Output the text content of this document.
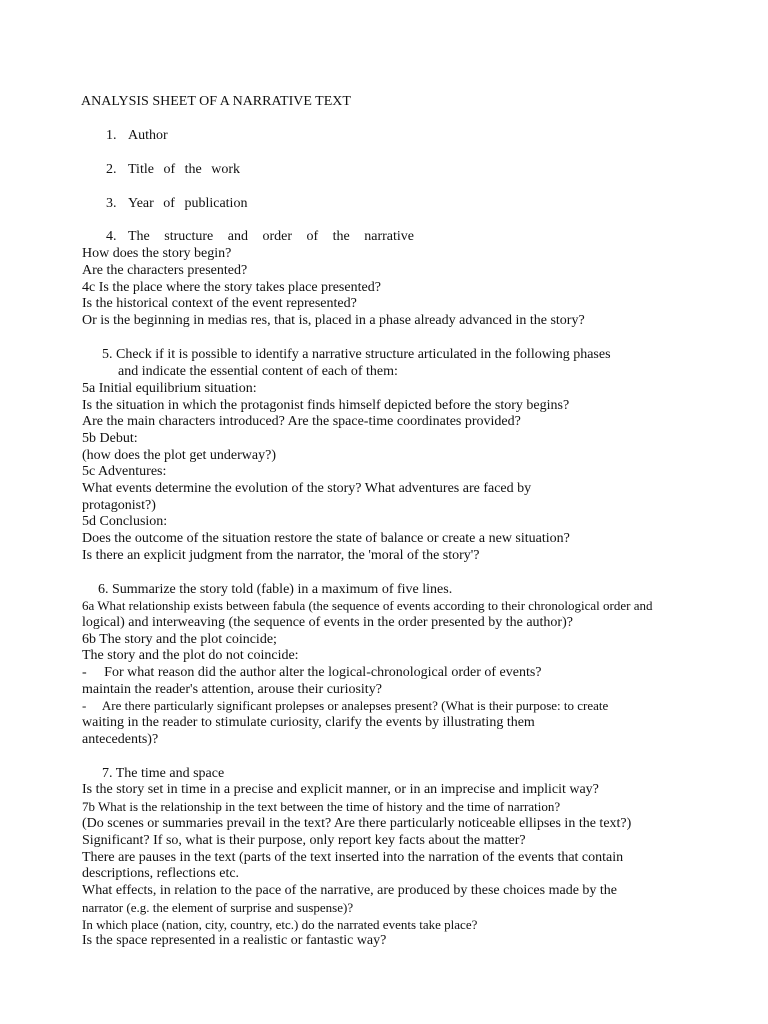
ANALYSIS SHEET OF A NARRATIVE TEXT

1. Author

2. Title of the work

3. Year of publication

4. The structure and order of the narrative

How does the story begin?

Are the characters presented?

4c Is the place where the story takes place presented?

Is the historical context of the event represented?

Or is the beginning in medias res, that is, placed in a phase already advanced in the story?

5. Check if it is possible to identify a narrative structure articulated in the following phases

and indicate the essential content of each of them:

5a Initial equilibrium situation:

Is the situation in which the protagonist finds himself depicted before the story begins?

Are the main characters introduced? Are the space-time coordinates provided?

5b Debut:

(how does the plot get underway?)

5c Adventures:

What events determine the evolution of the story? What adventures are faced by

protagonist?)

5d Conclusion:

Does the outcome of the situation restore the state of balance or create a new situation?

Is there an explicit judgment from the narrator, the 'moral of the story'?

6. Summarize the story told (fable) in a maximum of five lines.

6a What relationship exists between fabula (the sequence of events according to their chronological order and

logical) and interweaving (the sequence of events in the order presented by the author)?

6b The story and the plot coincide;

The story and the plot do not coincide:

-     For what reason did the author alter the logical-chronological order of events?

maintain the reader's attention, arouse their curiosity?

-     Are there particularly significant prolepses or analepses present? (What is their purpose: to create

waiting in the reader to stimulate curiosity, clarify the events by illustrating them

antecedents)?

7. The time and space

Is the story set in time in a precise and explicit manner, or in an imprecise and implicit way?

7b What is the relationship in the text between the time of history and the time of narration?

(Do scenes or summaries prevail in the text? Are there particularly noticeable ellipses in the text?)

Significant? If so, what is their purpose, only report key facts about the matter?

There are pauses in the text (parts of the text inserted into the narration of the events that contain

descriptions, reflections etc.

What effects, in relation to the pace of the narrative, are produced by these choices made by the

narrator (e.g. the element of surprise and suspense)?

In which place (nation, city, country, etc.) do the narrated events take place?

Is the space represented in a realistic or fantastic way?
